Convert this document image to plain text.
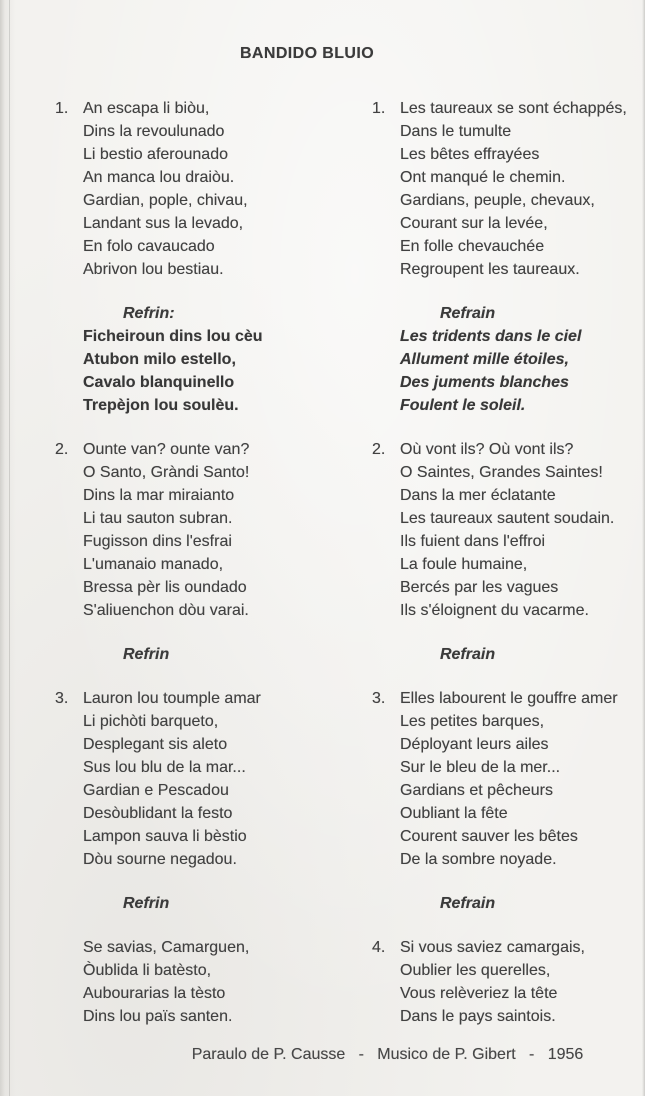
BANDIDO BLUIO
1. An escapa li biòu,
Dins la revoulunado
Li bestio aferounado
An manca lou draiòu.
Gardian, pople, chivau,
Landant sus la levado,
En folo cavaucado
Abrivon lou bestiau.
Refrin:
Ficheiroun dins lou cèu
Atubon milo estello,
Cavalo blanquinello
Trepèjon lou soulèu.
2. Ounte van? ounte van?
O Santo, Gràndi Santo!
Dins la mar miraianto
Li tau sauton subran.
Fugisson dins l'esfrai
L'umanaio manado,
Bressa pèr lis oundado
S'aliuenchon dòu varai.
Refrin
3. Lauron lou toumple amar
Li pichòti barqueto,
Desplegant sis aleto
Sus lou blu de la mar...
Gardian e Pescadou
Desòublidant la festo
Lampon sauva li bèstio
Dòu sourne negadou.
Refrin
Se savias, Camarguen,
Òublida li batèsto,
Aubourarias la tèsto
Dins lou païs santen.
1. Les taureaux se sont échappés,
Dans le tumulte
Les bêtes effrayées
Ont manqué le chemin.
Gardians, peuple, chevaux,
Courant sur la levée,
En folle chevauchée
Regroupent les taureaux.
Refrain
Les tridents dans le ciel
Allument mille étoiles,
Des juments blanches
Foulent le soleil.
2. Où vont ils? Où vont ils?
O Saintes, Grandes Saintes!
Dans la mer éclatante
Les taureaux sautent soudain.
Ils fuient dans l'effroi
La foule humaine,
Bercés par les vagues
Ils s'éloignent du vacarme.
Refrain
3. Elles labourent le gouffre amer
Les petites barques,
Déployant leurs ailes
Sur le bleu de la mer...
Gardians et pêcheurs
Oubliant la fête
Courent sauver les bêtes
De la sombre noyade.
Refrain
4. Si vous saviez camargais,
Oublier les querelles,
Vous relèveriez la tête
Dans le pays saintois.
Paraulo de P. Causse   -   Musico de P. Gibert   -   1956
